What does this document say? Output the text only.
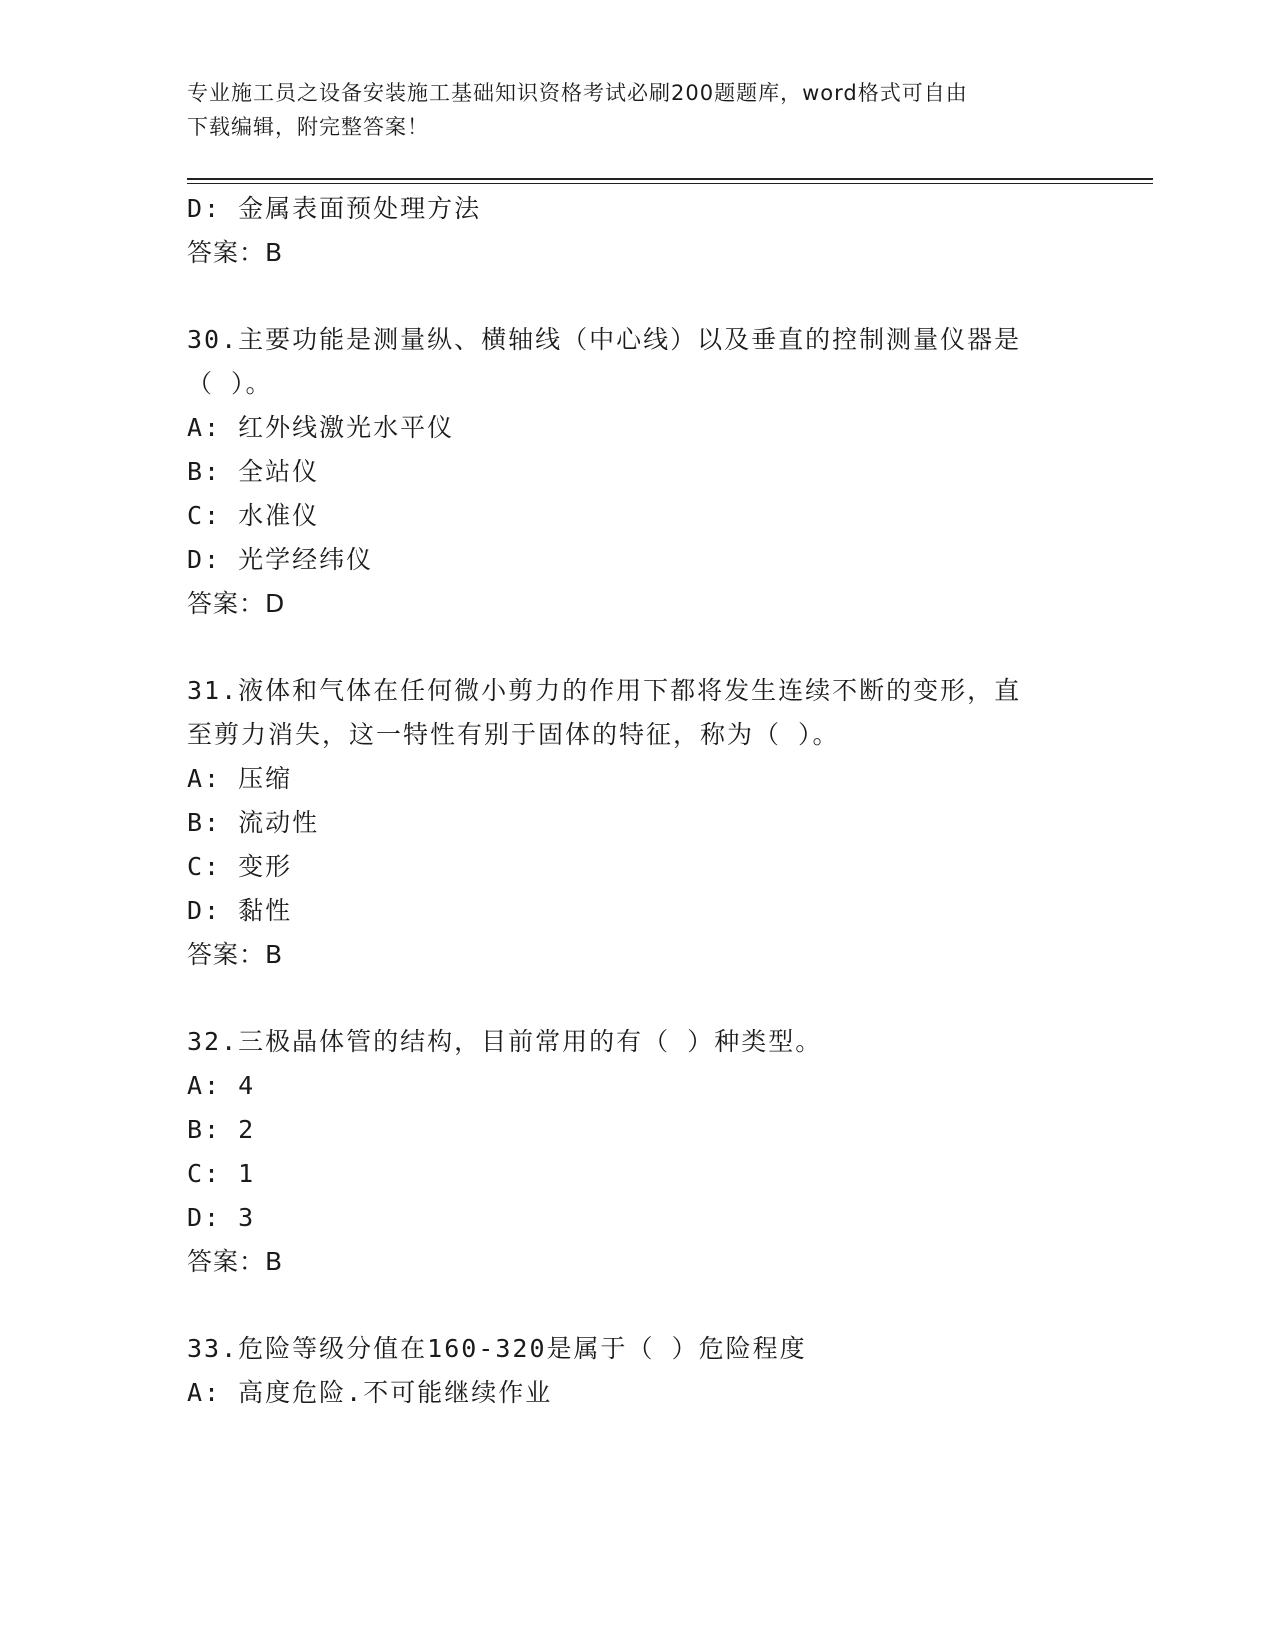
专业施工员之设备安装施工基础知识资格考试必刷200题题库，word格式可自由
下载编辑，附完整答案！
D: 金属表面预处理方法
答案：B
30.主要功能是测量纵、横轴线（中心线）以及垂直的控制测量仪器是
（ ）。
A: 红外线激光水平仪
B: 全站仪
C: 水准仪
D: 光学经纬仪
答案：D
31.液体和气体在任何微小剪力的作用下都将发生连续不断的变形，直
至剪力消失，这一特性有别于固体的特征，称为（ ）。
A: 压缩
B: 流动性
C: 变形
D: 黏性
答案：B
32.三极晶体管的结构，目前常用的有（ ）种类型。
A: 4
B: 2
C: 1
D: 3
答案：B
33.危险等级分值在160-320是属于（ ）危险程度
A: 高度危险.不可能继续作业
